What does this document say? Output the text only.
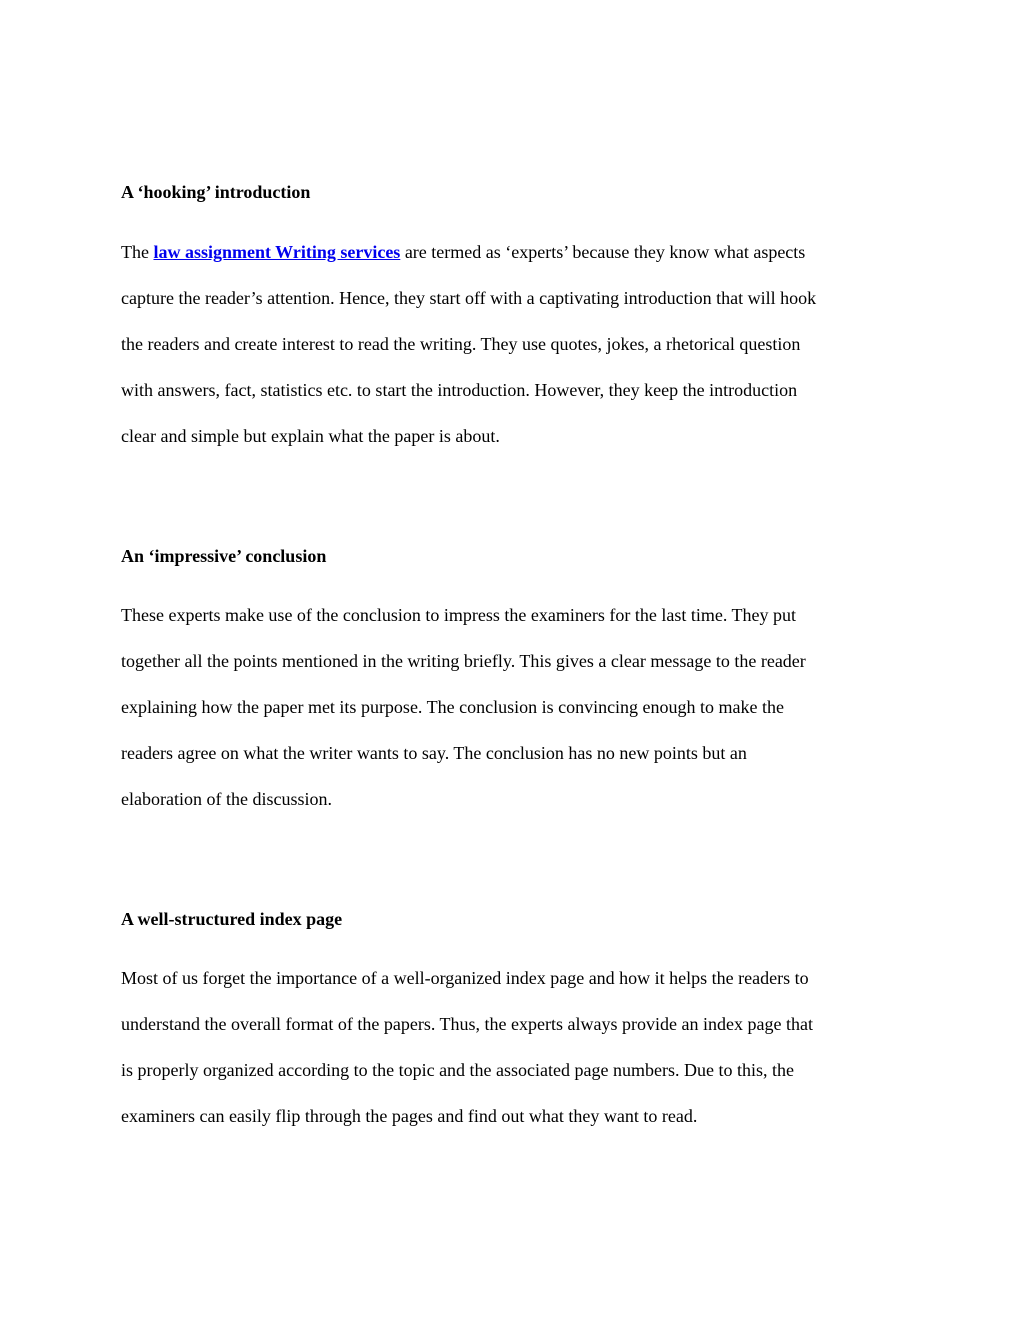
A ‘hooking’ introduction

The law assignment Writing services are termed as ‘experts’ because they know what aspects

capture the reader’s attention. Hence, they start off with a captivating introduction that will hook

the readers and create interest to read the writing. They use quotes, jokes, a rhetorical question

with answers, fact, statistics etc. to start the introduction. However, they keep the introduction

clear and simple but explain what the paper is about.

An ‘impressive’ conclusion

These experts make use of the conclusion to impress the examiners for the last time. They put

together all the points mentioned in the writing briefly. This gives a clear message to the reader

explaining how the paper met its purpose. The conclusion is convincing enough to make the

readers agree on what the writer wants to say. The conclusion has no new points but an

elaboration of the discussion.

A well-structured index page

Most of us forget the importance of a well-organized index page and how it helps the readers to

understand the overall format of the papers. Thus, the experts always provide an index page that

is properly organized according to the topic and the associated page numbers. Due to this, the

examiners can easily flip through the pages and find out what they want to read.
